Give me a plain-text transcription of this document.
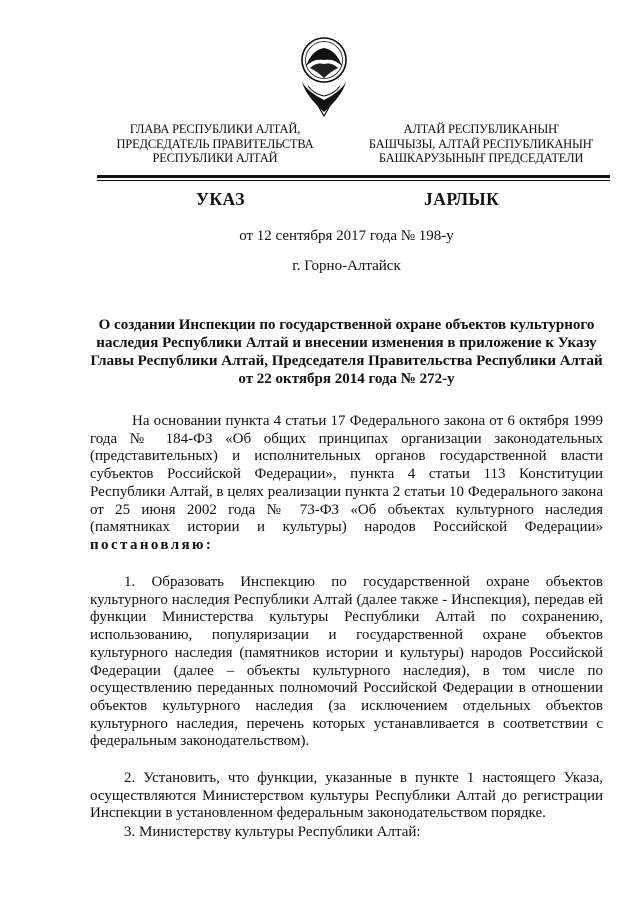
ГЛАВА РЕСПУБЛИКИ АЛТАЙ,
ПРЕДСЕДАТЕЛЬ ПРАВИТЕЛЬСТВА
РЕСПУБЛИКИ АЛТАЙ
АЛТАЙ РЕСПУБЛИКАНЫҤ
БАШЧЫЗЫ, АЛТАЙ РЕСПУБЛИКАНЫҤ
БАШКАРУЗЫНЫҤ ПРЕДСЕДАТЕЛИ
УКАЗ	JАРЛЫК
от 12 сентября 2017 года № 198-у
г. Горно-Алтайск
О создании Инспекции по государственной охране объектов культурного наследия Республики Алтай и внесении изменения в приложение к Указу Главы Республики Алтай, Председателя Правительства Республики Алтай от 22 октября 2014 года № 272-у
На основании пункта 4 статьи 17 Федерального закона от 6 октября 1999 года № 184-ФЗ «Об общих принципах организации законодательных (представительных) и исполнительных органов государственной власти субъектов Российской Федерации», пункта 4 статьи 113 Конституции Республики Алтай, в целях реализации пункта 2 статьи 10 Федерального закона от 25 июня 2002 года № 73-ФЗ «Об объектах культурного наследия (памятниках истории и культуры) народов Российской Федерации» постановляю:
1. Образовать Инспекцию по государственной охране объектов культурного наследия Республики Алтай (далее также - Инспекция), передав ей функции Министерства культуры Республики Алтай по сохранению, использованию, популяризации и государственной охране объектов культурного наследия (памятников истории и культуры) народов Российской Федерации (далее – объекты культурного наследия), в том числе по осуществлению переданных полномочий Российской Федерации в отношении объектов культурного наследия (за исключением отдельных объектов культурного наследия, перечень которых устанавливается в соответствии с федеральным законодательством).
2. Установить, что функции, указанные в пункте 1 настоящего Указа, осуществляются Министерством культуры Республики Алтай до регистрации Инспекции в установленном федеральным законодательством порядке.
3. Министерству культуры Республики Алтай:
